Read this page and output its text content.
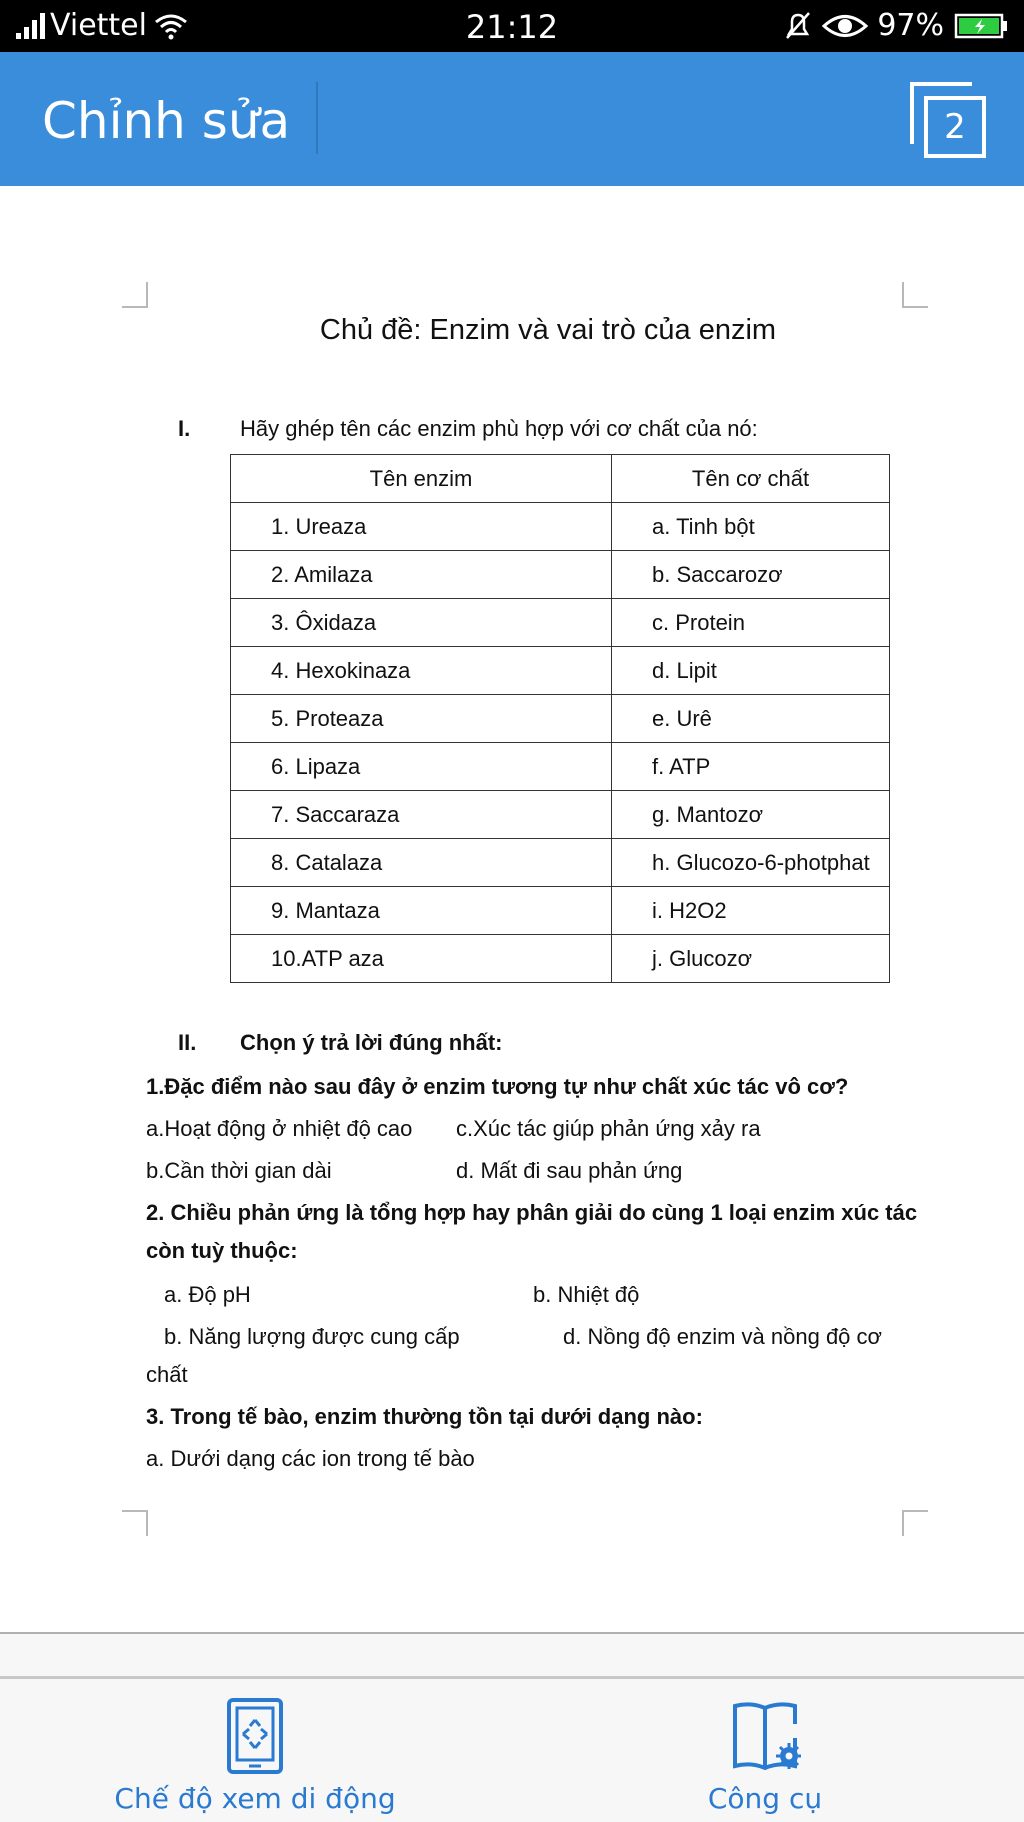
Viettel	21:12	97%
Chỉnh sửa	2
Chủ đề: Enzim và vai trò của enzim
I. Hãy ghép tên các enzim phù hợp với cơ chất của nó:
Tên enzim	Tên cơ chất
1. Ureaza	a. Tinh bột
2. Amilaza	b. Saccarozơ
3. Ôxidaza	c. Protein
4. Hexokinaza	d. Lipit
5. Proteaza	e. Urê
6. Lipaza	f. ATP
7. Saccaraza	g. Mantozơ
8. Catalaza	h. Glucozo-6-photphat
9. Mantaza	i. H2O2
10.ATP aza	j. Glucozơ
II. Chọn ý trả lời đúng nhất:
1.Đặc điểm nào sau đây ở enzim tương tự như chất xúc tác vô cơ?
a.Hoạt động ở nhiệt độ cao c.Xúc tác giúp phản ứng xảy ra
b.Cần thời gian dài	d. Mất đi sau phản ứng
2. Chiều phản ứng là tổng hợp hay phân giải do cùng 1 loại enzim xúc tác
còn tuỳ thuộc:
a. Độ pH	b. Nhiệt độ
b. Năng lượng được cung cấp	d. Nồng độ enzim và nồng độ cơ
chất
3. Trong tế bào, enzim thường tồn tại dưới dạng nào:
a. Dưới dạng các ion trong tế bào
Chế độ xem di động	Công cụ
